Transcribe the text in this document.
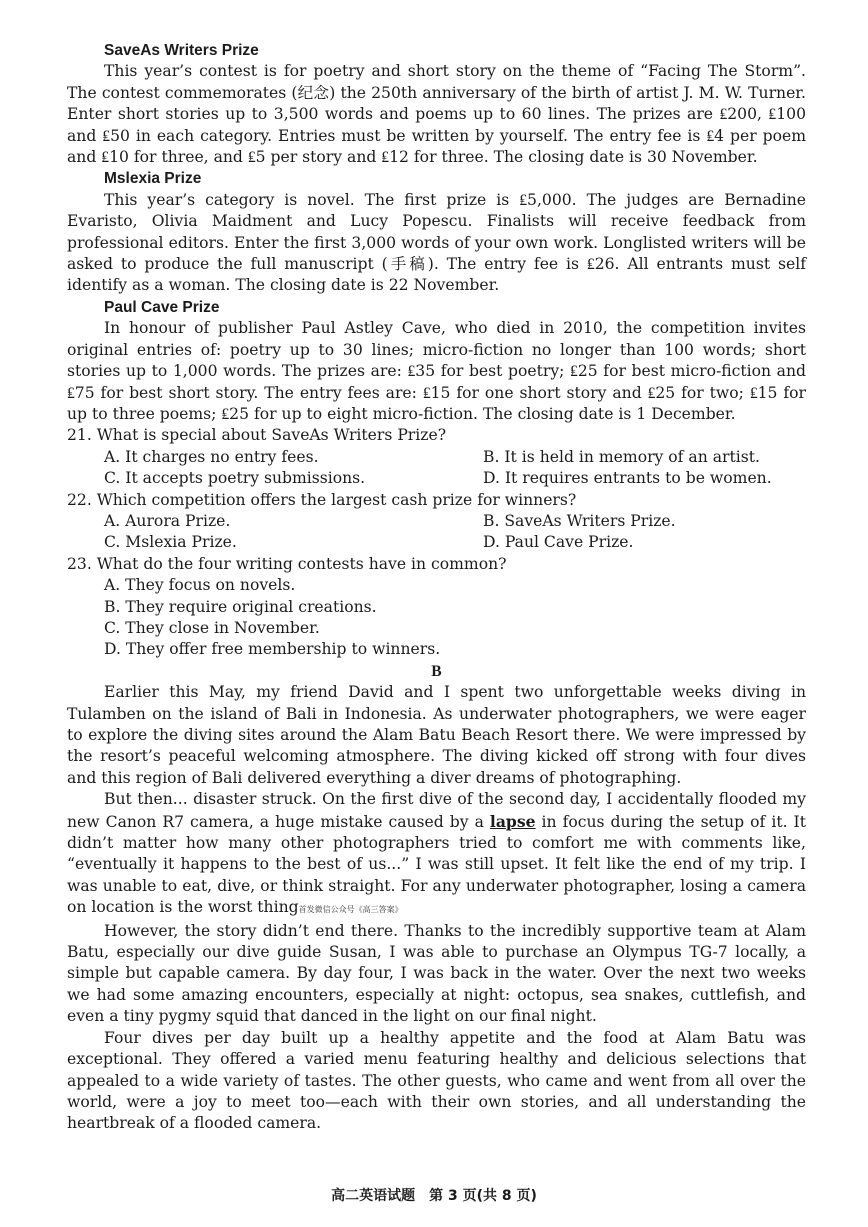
SaveAs Writers Prize

This year’s contest is for poetry and short story on the theme of “Facing The Storm”. The contest commemorates (纪念) the 250th anniversary of the birth of artist J. M. W. Turner. Enter short stories up to 3,500 words and poems up to 60 lines. The prizes are ₤200, ₤100 and ₤50 in each category. Entries must be written by yourself. The entry fee is ₤4 per poem and ₤10 for three, and ₤5 per story and ₤12 for three. The closing date is 30 November.

Mslexia Prize

This year’s category is novel. The first prize is ₤5,000. The judges are Bernadine Evaristo, Olivia Maidment and Lucy Popescu. Finalists will receive feedback from professional editors. Enter the first 3,000 words of your own work. Longlisted writers will be asked to produce the full manuscript (手稿). The entry fee is ₤26. All entrants must self identify as a woman. The closing date is 22 November.

Paul Cave Prize

In honour of publisher Paul Astley Cave, who died in 2010, the competition invites original entries of: poetry up to 30 lines; micro-fiction no longer than 100 words; short stories up to 1,000 words. The prizes are: ₤35 for best poetry; ₤25 for best micro-fiction and ₤75 for best short story. The entry fees are: ₤15 for one short story and ₤25 for two; ₤15 for up to three poems; ₤25 for up to eight micro-fiction. The closing date is 1 December.

21. What is special about SaveAs Writers Prize?

A. It charges no entry fees.	B. It is held in memory of an artist.

C. It accepts poetry submissions.	D. It requires entrants to be women.

22. Which competition offers the largest cash prize for winners?

A. Aurora Prize.	B. SaveAs Writers Prize.

C. Mslexia Prize.	D. Paul Cave Prize.

23. What do the four writing contests have in common?

A. They focus on novels.

B. They require original creations.

C. They close in November.

D. They offer free membership to winners.

B

Earlier this May, my friend David and I spent two unforgettable weeks diving in Tulamben on the island of Bali in Indonesia. As underwater photographers, we were eager to explore the diving sites around the Alam Batu Beach Resort there. We were impressed by the resort’s peaceful welcoming atmosphere. The diving kicked off strong with four dives and this region of Bali delivered everything a diver dreams of photographing.

But then... disaster struck. On the first dive of the second day, I accidentally flooded my new Canon R7 camera, a huge mistake caused by a lapse in focus during the setup of it. It didn’t matter how many other photographers tried to comfort me with comments like, “eventually it happens to the best of us...” I was still upset. It felt like the end of my trip. I was unable to eat, dive, or think straight. For any underwater photographer, losing a camera on location is the worst thing首发微信公众号《高三答案》

However, the story didn’t end there. Thanks to the incredibly supportive team at Alam Batu, especially our dive guide Susan, I was able to purchase an Olympus TG-7 locally, a simple but capable camera. By day four, I was back in the water. Over the next two weeks we had some amazing encounters, especially at night: octopus, sea snakes, cuttlefish, and even a tiny pygmy squid that danced in the light on our final night.

Four dives per day built up a healthy appetite and the food at Alam Batu was exceptional. They offered a varied menu featuring healthy and delicious selections that appealed to a wide variety of tastes. The other guests, who came and went from all over the world, were a joy to meet too—each with their own stories, and all understanding the heartbreak of a flooded camera.

高二英语试题　第 3 页(共 8 页)
